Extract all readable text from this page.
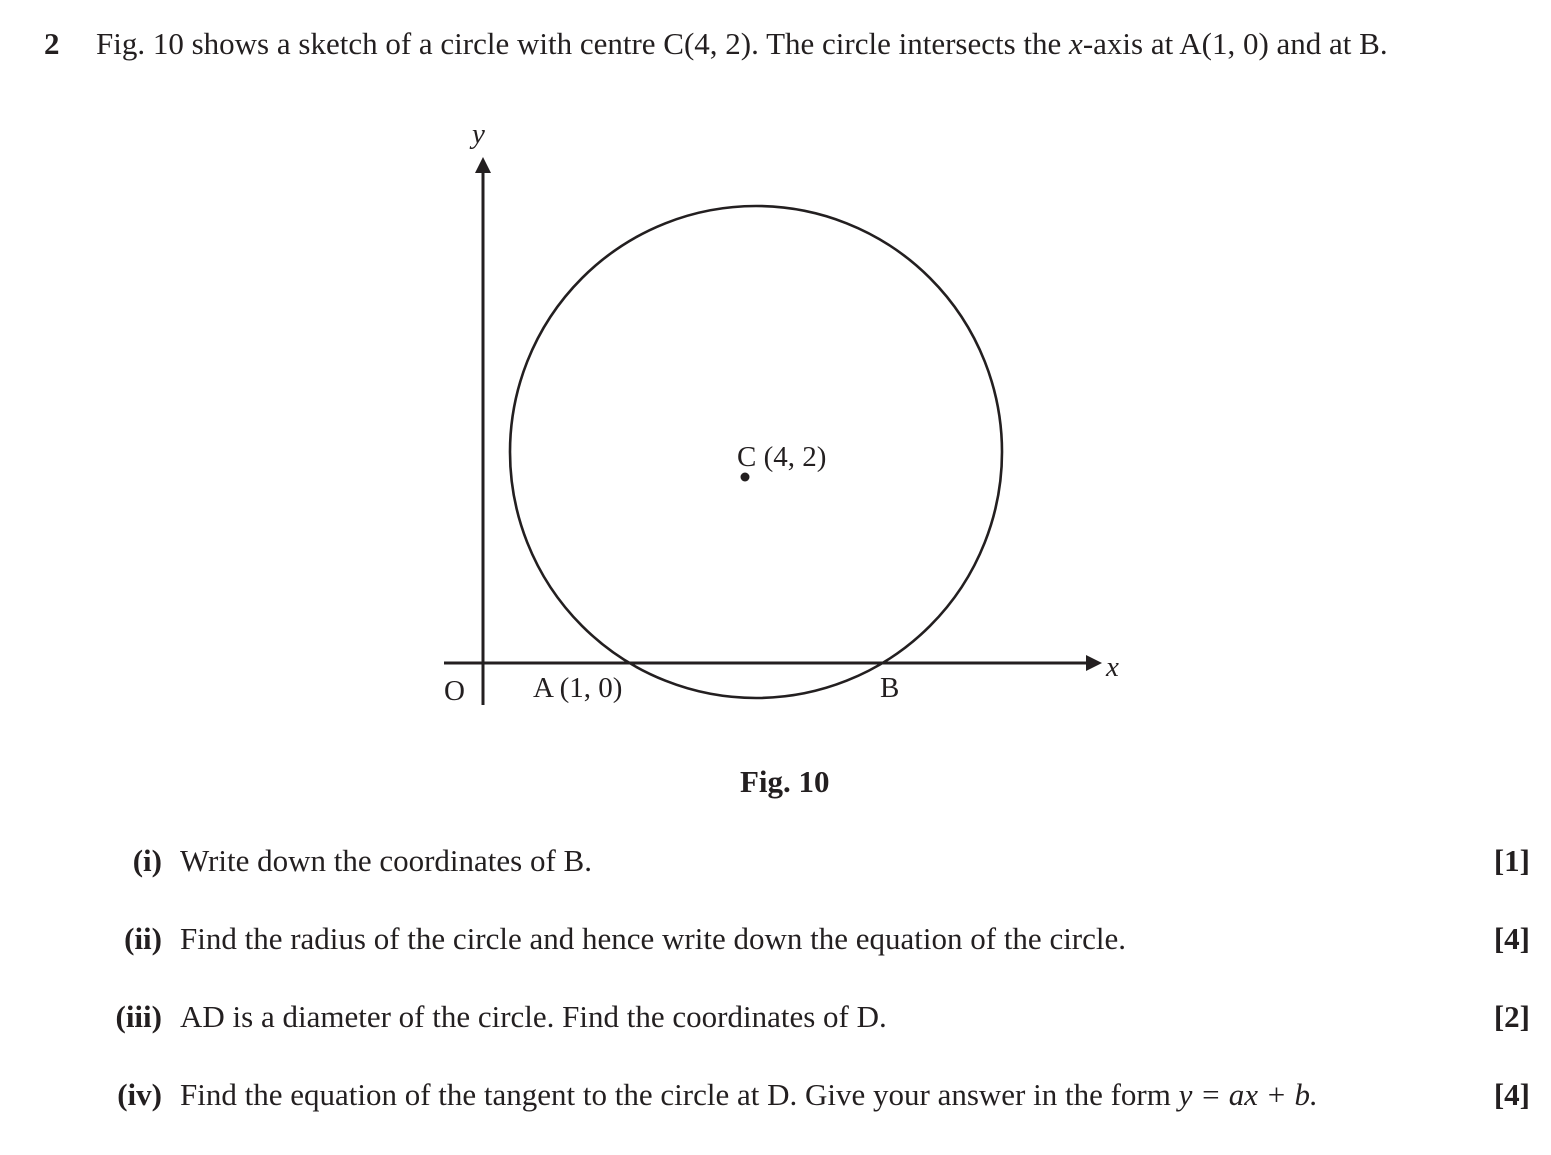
2 Fig. 10 shows a sketch of a circle with centre C(4, 2). The circle intersects the x-axis at A(1, 0) and at B.
y
x
O A (1, 0)	B
C (4, 2)
Fig. 10
(i) Write down the coordinates of B.	[1]
(ii) Find the radius of the circle and hence write down the equation of the circle.	[4]
(iii) AD is a diameter of the circle. Find the coordinates of D.	[2]
(iv) Find the equation of the tangent to the circle at D. Give your answer in the form y = ax + b.	[4]
